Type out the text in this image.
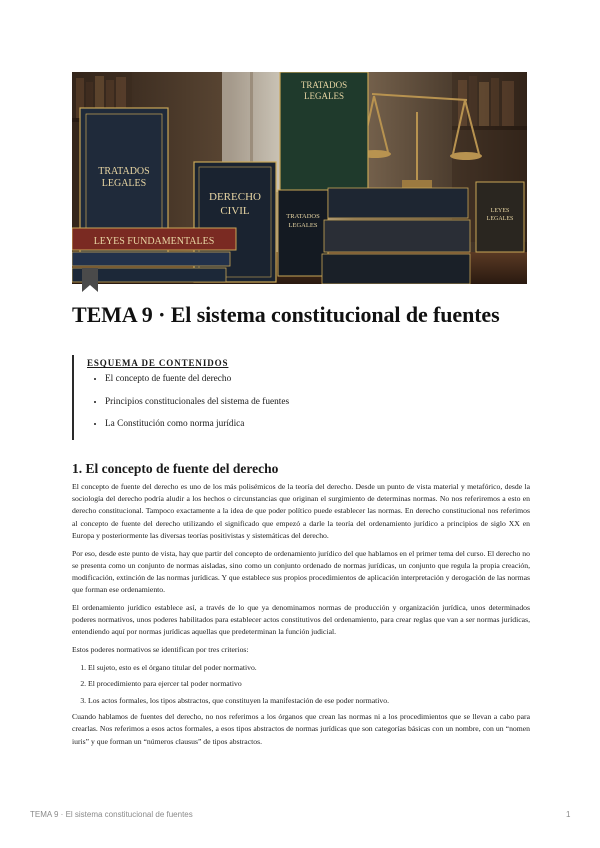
TRATADOS
LEGALES
TRATADOS
LEGALES
DERECHO
CIVIL	TRATADOS
LEGALES
LEYES FUNDAMENTALES
LEYES
LEGALES
TEMA 9 · El sistema constitucional de fuentes
ESQUEMA DE CONTENIDOS
• El concepto de fuente del derecho
• Principios constitucionales del sistema de fuentes
• La Constitución como norma jurídica
1. El concepto de fuente del derecho

El concepto de fuente del derecho es uno de los más polisémicos de la teoría del derecho. Desde un punto de vista material y metafórico, desde la sociología del derecho podría aludir a los hechos o circunstancias que originan el surgimiento de determinas normas. No nos referiremos a esto en derecho constitucional. Tampoco exactamente a la idea de que poder político puede establecer las normas. En derecho constitucional nos referimos al concepto de fuente del derecho utilizando el significado que empezó a darle la teoría del ordenamiento jurídico a principios de siglo XX en Europa y posteriormente las diversas teorías positivistas y sistemáticas del derecho.

Por eso, desde este punto de vista, hay que partir del concepto de ordenamiento jurídico del que hablamos en el primer tema del curso. El derecho no se presenta como un conjunto de normas aisladas, sino como un conjunto ordenado de normas jurídicas, un conjunto que regula la propia creación, modificación, extinción de las normas jurídicas. Y que establece sus propios procedimientos de aplicación interpretación y derogación de las normas que forman ese ordenamiento.

El ordenamiento jurídico establece así, a través de lo que ya denominamos normas de producción y organización jurídica, unos determinados poderes normativos, unos poderes habilitados para establecer actos constitutivos del ordenamiento, para crear reglas que van a ser normas jurídicas, entendiendo aquí por normas jurídicas aquellas que predeterminan la función judicial.

Estos poderes normativos se identifican por tres criterios:

1. El sujeto, esto es el órgano titular del poder normativo.
2. El procedimiento para ejercer tal poder normativo
3. Los actos formales, los tipos abstractos, que constituyen la manifestación de ese poder normativo.

Cuando hablamos de fuentes del derecho, no nos referimos a los órganos que crean las normas ni a los procedimientos que se llevan a cabo para crearlas. Nos referimos a esos actos formales, a esos tipos abstractos de normas jurídicas que son categorías básicas con un nombre, con un “nomen iuris” y que forman un “números clausus” de tipos abstractos.

TEMA 9 · El sistema constitucional de fuentes	1
